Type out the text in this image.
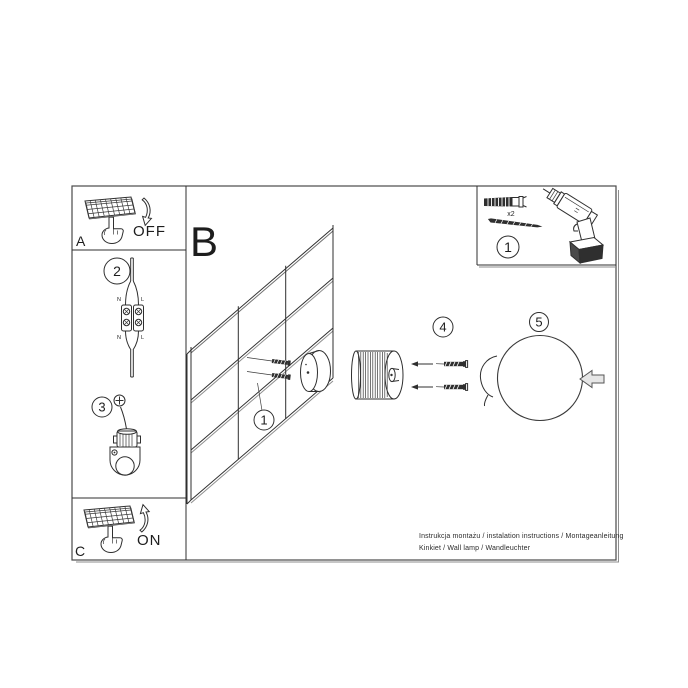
A
OFF
2
N	L
N	L
3
C
ON
B
1
4	5
x2
1
Instrukcja montażu / instalation instructions / Montageanleitung
Kinkiet / Wall lamp / Wandleuchter
